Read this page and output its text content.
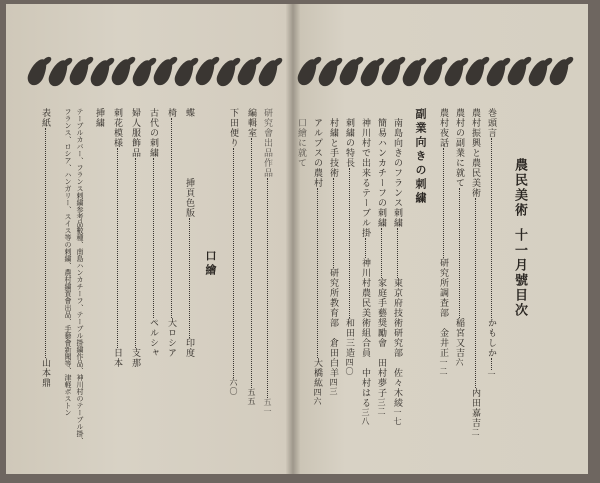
農民美術十一月號目次
巻頭言かもしか一
農村振興と農民美術内田嘉吉二
農村の副業に就て稲宮又吉六
農村夜話研究所調査部　金井正一二
副業向きの刺繍
南島向きのフランス刺繍東京府技術研究部　佐々木綾一七
簡易ハンカチーフの刺繍家庭手藝奨勵會　田村夢子三二
神川村で出来るテーブル掛神川村農民美術組合員　中村はる三八
刺繍の特長和田三造四〇
村繍と手技術研究所教育部　倉田白羊四三
アルプスの農村大橋紘四六
口繪に就て
研究會出品作品五一
編輯室五五
下田便り六〇
口繪
蝶挿頁色版印度
椅大ロシア
古代の刺繍ペルシャ
婦人服飾品支那
刺花模様日本
挿繍
テーブルカバー、フランス刺繍参考品數種、南島ハンカチーフ、テーブル掛繍作品、神川村のテーブル掛、
フランス、ロシア、ハンガリー、スイス等の刺繍、農村繍賀會出品、手藝會新聞等、津軽ボストン
表紙山本鼎
